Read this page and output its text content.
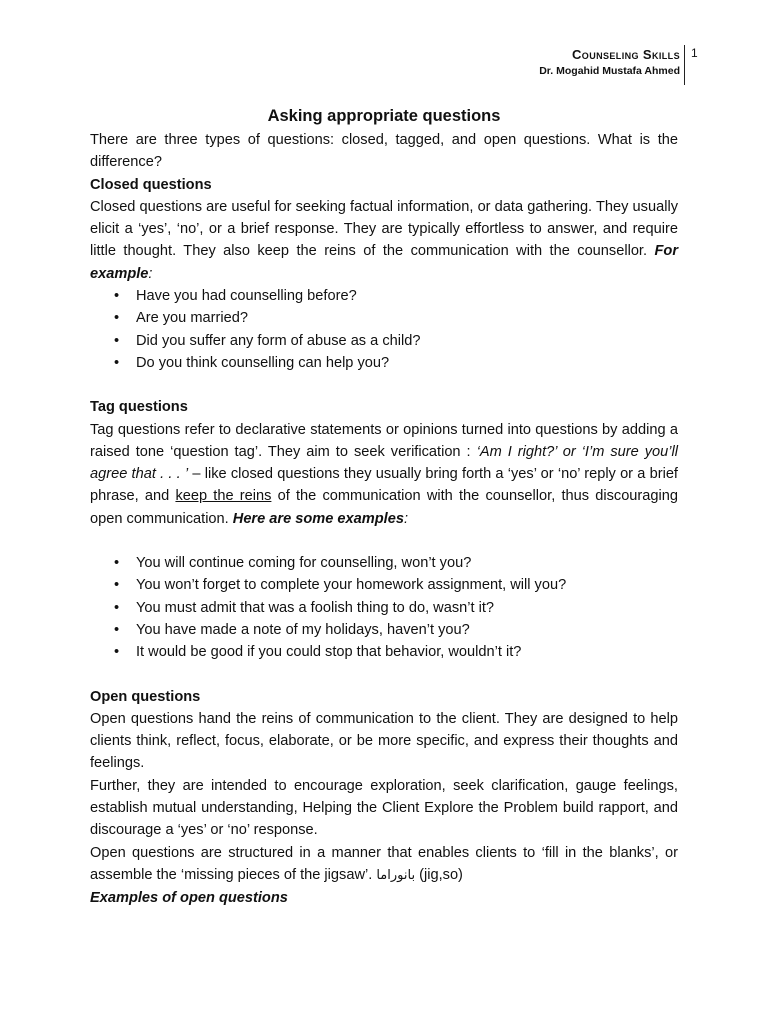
Counseling Skills
Dr. Mogahid Mustafa Ahmed
1
Asking appropriate questions

There are three types of questions: closed, tagged, and open questions. What is the difference?

Closed questions

Closed questions are useful for seeking factual information, or data gathering. They usually elicit a ‘yes’, ‘no’, or a brief response. They are typically effortless to answer, and require little thought. They also keep the reins of the communication with the counsellor. For example:

• Have you had counselling before?
• Are you married?
• Did you suffer any form of abuse as a child?
• Do you think counselling can help you?
Tag questions

Tag questions refer to declarative statements or opinions turned into questions by adding a raised tone ‘question tag’. They aim to seek verification : ‘Am I right?’ or ‘I’m sure you’ll agree that . . . ’ – like closed questions they usually bring forth a ‘yes’ or ‘no’ reply or a brief phrase, and keep the reins of the communication with the counsellor, thus discouraging open communication. Here are some examples:

• You will continue coming for counselling, won’t you?
• You won’t forget to complete your homework assignment, will you?
• You must admit that was a foolish thing to do, wasn’t it?
• You have made a note of my holidays, haven’t you?
• It would be good if you could stop that behavior, wouldn’t it?
Open questions

Open questions hand the reins of communication to the client. They are designed to help clients think, reflect, focus, elaborate, or be more specific, and express their thoughts and feelings.

Further, they are intended to encourage exploration, seek clarification, gauge feelings, establish mutual understanding, Helping the Client Explore the Problem build rapport, and discourage a ‘yes’ or ‘no’ response.

Open questions are structured in a manner that enables clients to ‘fill in the blanks’, or assemble the ‘missing pieces of the jigsaw’. بانوراما (jig,so)

Examples of open questions
